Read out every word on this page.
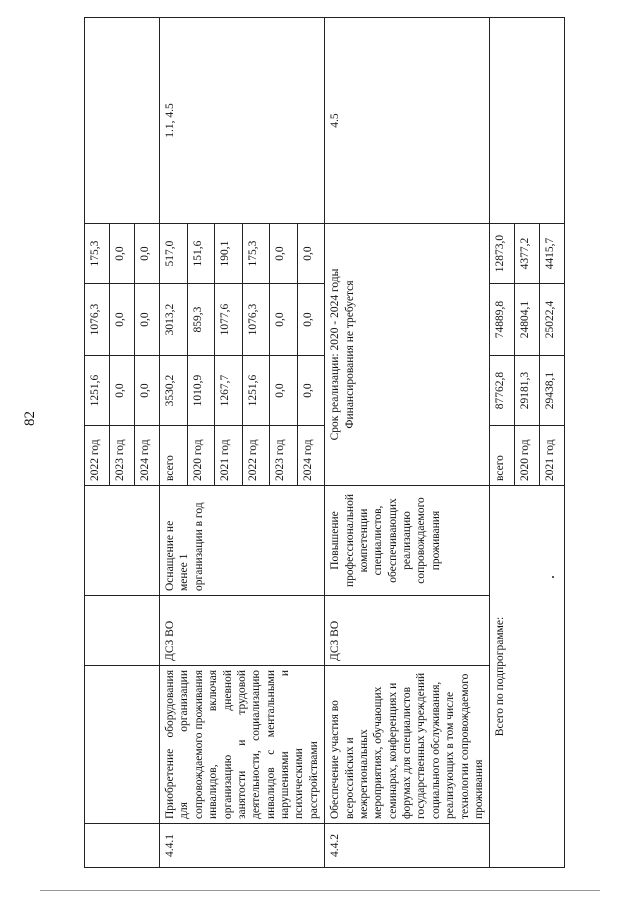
82
				2022 год	1251,6	1076,3	175,3	
				2023 год	0,0	0,0	0,0	
				2024 год	0,0	0,0	0,0	
4.4.1	Приобретение оборудования для организации сопровождаемого проживания инвалидов, включая организацию дневной занятости и трудовой деятельности, социализацию инвалидов с ментальными нарушениями и психическими расстройствами	ДСЗ ВО	Оснащение не менее 1 организации в год	всего	3530,2	3013,2	517,0	1.1, 4.5
				2020 год	1010,9	859,3	151,6	
				2021 год	1267,7	1077,6	190,1	
				2022 год	1251,6	1076,3	175,3	
				2023 год	0,0	0,0	0,0	
				2024 год	0,0	0,0	0,0	
4.4.2	Обеспечение участия во всероссийских и межрегиональных мероприятиях, обучающих семинарах, конференциях и форумах для специалистов государственных учреждений социального обслуживания, реализующих в том числе технологии сопровождаемого проживания	ДСЗ ВО	Повышение профессиональной компетенции специалистов, обеспечивающих реализацию сопровождаемого проживания	Срок реализации: 2020 - 2024 годы Финансирования не требуется				4.5
Всего по подпрограмме:				всего	87762,8	74889,8	12873,0	
				2020 год	29181,3	24804,1	4377,2	
				2021 год	29438,1	25022,4	4415,7	
